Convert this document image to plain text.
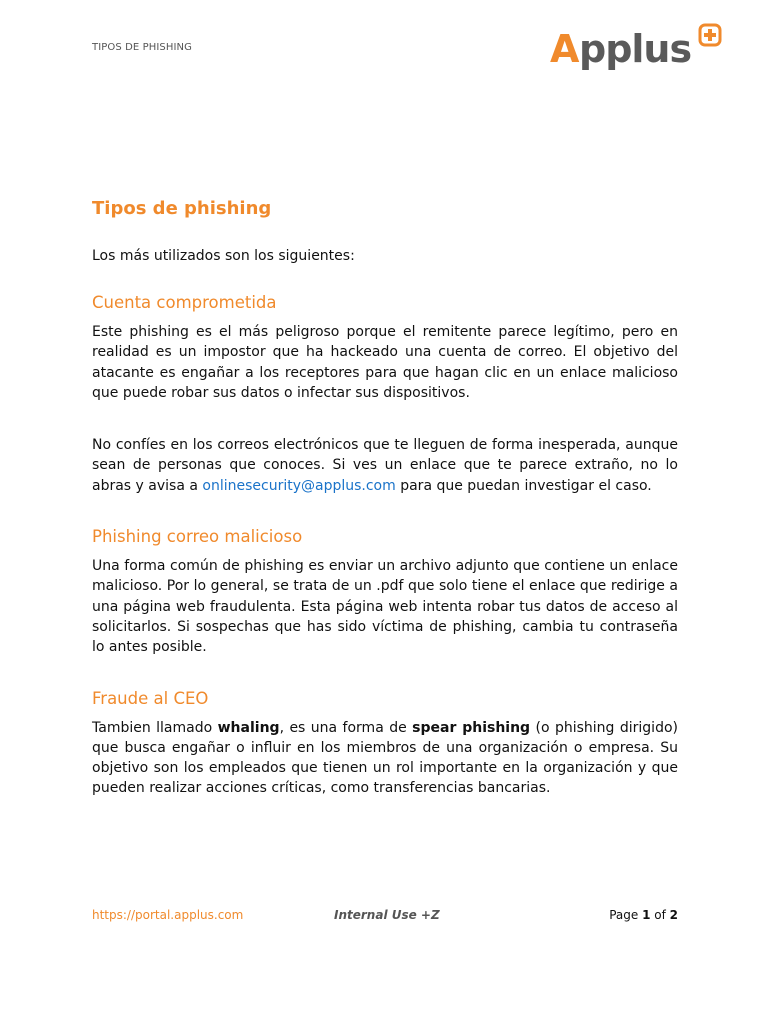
TIPOS DE PHISHING	A pplus
Tipos de phishing

Los más utilizados son los siguientes:

Cuenta comprometida

Este phishing es el más peligroso porque el remitente parece legítimo, pero en realidad es un impostor que ha hackeado una cuenta de correo. El objetivo del atacante es engañar a los receptores para que hagan clic en un enlace malicioso que puede robar sus datos o infectar sus dispositivos.

No confíes en los correos electrónicos que te lleguen de forma inesperada, aunque sean de personas que conoces. Si ves un enlace que te parece extraño, no lo abras y avisa a onlinesecurity@applus.com para que puedan investigar el caso.

Phishing correo malicioso

Una forma común de phishing es enviar un archivo adjunto que contiene un enlace malicioso. Por lo general, se trata de un .pdf que solo tiene el enlace que redirige a una página web fraudulenta. Esta página web intenta robar tus datos de acceso al solicitarlos. Si sospechas que has sido víctima de phishing, cambia tu contraseña lo antes posible.

Fraude al CEO

Tambien llamado whaling, es una forma de spear phishing (o phishing dirigido) que busca engañar o influir en los miembros de una organización o empresa. Su objetivo son los empleados que tienen un rol importante en la organización y que pueden realizar acciones críticas, como transferencias bancarias.

https://portal.applus.com	Internal Use +Z	Page 1 of 2
